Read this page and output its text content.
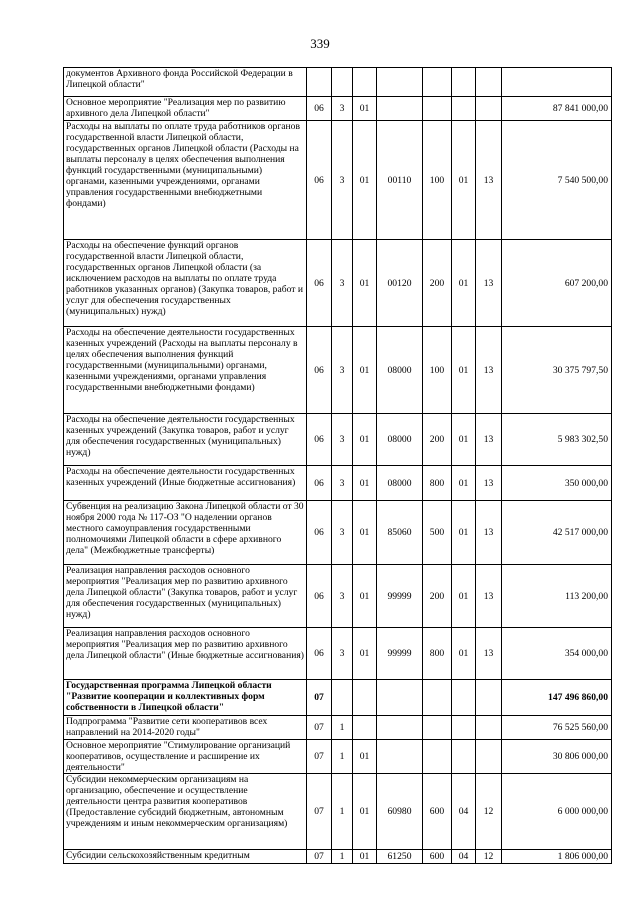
339
документов Архивного фонда Российской Федерации в Липецкой области"								
Основное мероприятие "Реализация мер по развитию архивного дела Липецкой области"	06	3	01					87 841 000,00
Расходы на выплаты по оплате труда работников органов государственной власти Липецкой области, государственных органов Липецкой области (Расходы на выплаты персоналу в целях обеспечения выполнения функций государственными (муниципальными) органами, казенными учреждениями, органами управления государственными внебюджетными фондами)	06	3	01	00110	100	01	13	7 540 500,00
Расходы на обеспечение функций органов государственной власти Липецкой области, государственных органов Липецкой области (за исключением расходов на выплаты по оплате труда работников указанных органов) (Закупка товаров, работ и услуг для обеспечения государственных (муниципальных) нужд)	06	3	01	00120	200	01	13	607 200,00
Расходы на обеспечение деятельности государственных казенных учреждений (Расходы на выплаты персоналу в целях обеспечения выполнения функций государственными (муниципальными) органами, казенными учреждениями, органами управления государственными внебюджетными фондами)	06	3	01	08000	100	01	13	30 375 797,50
Расходы на обеспечение деятельности государственных казенных учреждений (Закупка товаров, работ и услуг для обеспечения государственных (муниципальных) нужд)	06	3	01	08000	200	01	13	5 983 302,50
Расходы на обеспечение деятельности государственных казенных учреждений (Иные бюджетные ассигнования)	06	3	01	08000	800	01	13	350 000,00
Субвенция на реализацию Закона Липецкой области от 30 ноября 2000 года № 117-ОЗ "О наделении органов местного самоуправления государственными полномочиями Липецкой области в сфере архивного дела" (Межбюджетные трансферты)	06	3	01	85060	500	01	13	42 517 000,00
Реализация направления расходов основного мероприятия "Реализация мер по развитию архивного дела Липецкой области" (Закупка товаров, работ и услуг для обеспечения государственных (муниципальных) нужд)	06	3	01	99999	200	01	13	113 200,00
Реализация направления расходов основного мероприятия "Реализация мер по развитию архивного дела Липецкой области" (Иные бюджетные ассигнования)	06	3	01	99999	800	01	13	354 000,00
Государственная программа Липецкой области "Развитие кооперации и коллективных форм собственности в Липецкой области"	07							147 496 860,00
Подпрограмма "Развитие сети кооперативов всех направлений на 2014-2020 годы"	07	1						76 525 560,00
Основное мероприятие "Стимулирование организаций кооперативов, осуществление и расширение их деятельности"	07	1	01					30 806 000,00
Субсидии некоммерческим организациям на организацию, обеспечение и осуществление деятельности центра развития кооперативов (Предоставление субсидий бюджетным, автономным учреждениям и иным некоммерческим организациям)	07	1	01	60980	600	04	12	6 000 000,00
Субсидии сельскохозяйственным кредитным	07	1	01	61250	600	04	12	1 806 000,00
